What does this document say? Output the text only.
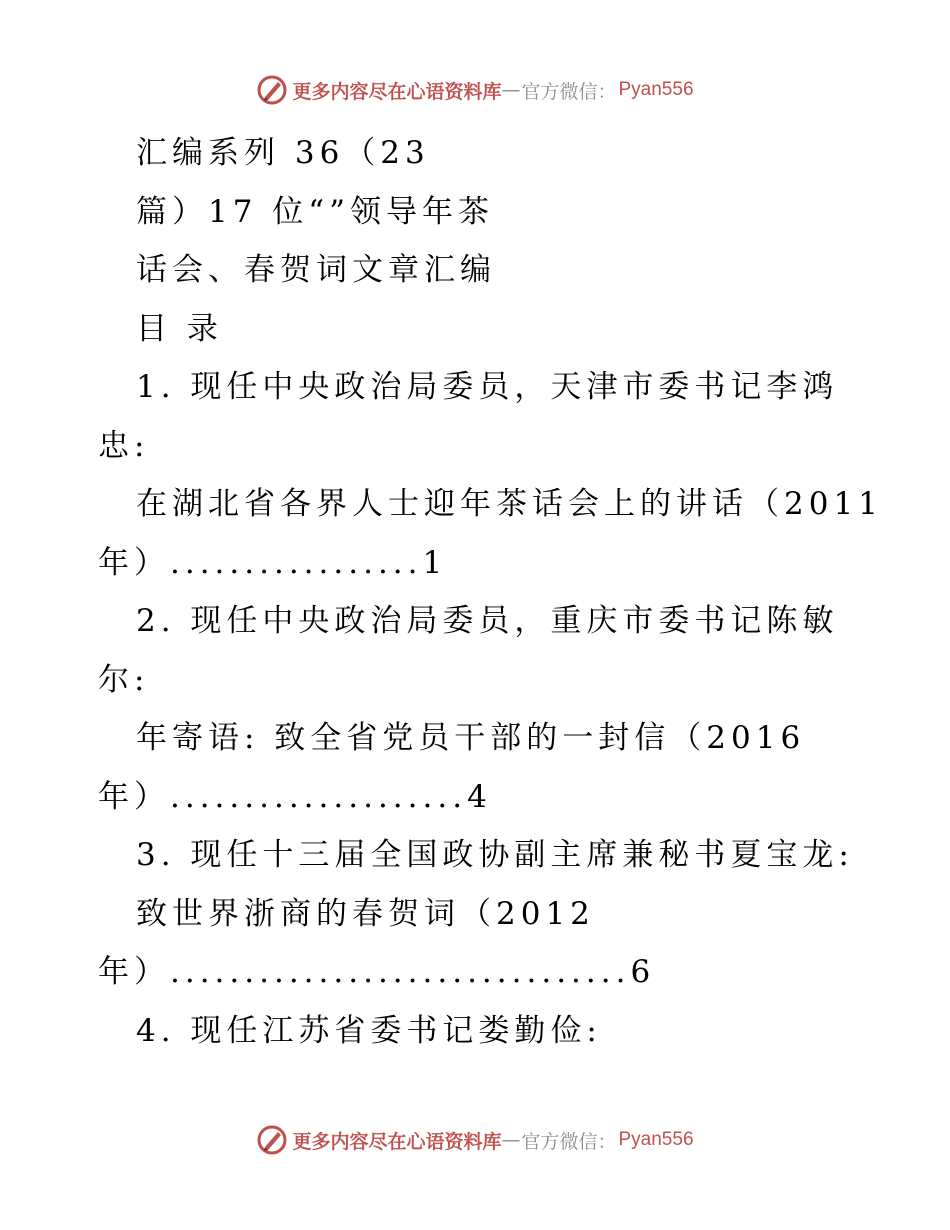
更多内容尽在心语资料库 — 官方微信： Pyan556
汇编系列 36（23
篇）17 位“”领导年茶
话会、春贺词文章汇编
目 录
1. 现任中央政治局委员，天津市委书记李鸿
忠:
在湖北省各界人士迎年茶话会上的讲话（2011
年）.................1
2. 现任中央政治局委员，重庆市委书记陈敏
尔:
年寄语: 致全省党员干部的一封信（2016
年）....................4
3. 现任十三届全国政协副主席兼秘书夏宝龙:
致世界浙商的春贺词（2012
年）...............................6
4. 现任江苏省委书记娄勤俭:
更多内容尽在心语资料库 — 官方微信： Pyan556
